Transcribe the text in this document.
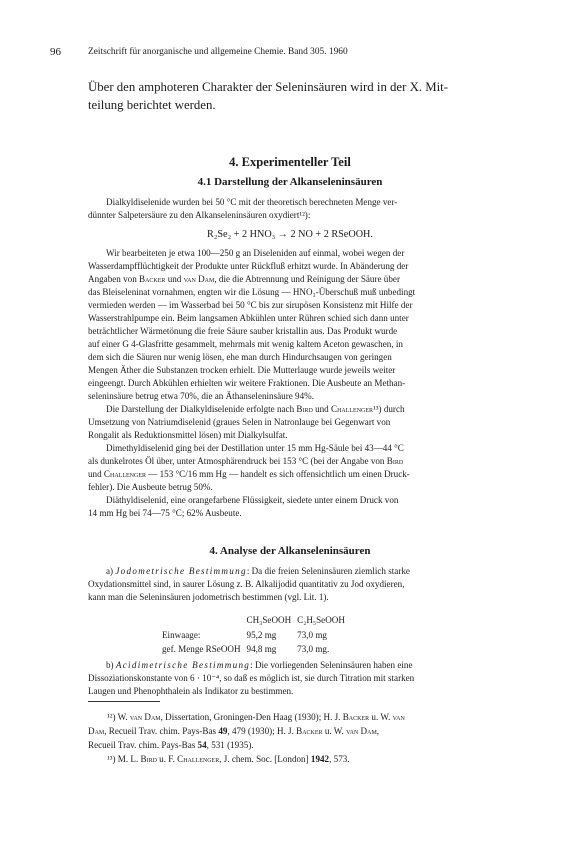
96	Zeitschrift für anorganische und allgemeine Chemie. Band 305. 1960
Über den amphoteren Charakter der Seleninsäuren wird in der X. Mit-
teilung berichtet werden.
4. Experimenteller Teil
4.1 Darstellung der Alkanseleninsäuren
Dialkyldiselenide wurden bei 50 °C mit der theoretisch berechneten Menge ver-
dünnter Salpetersäure zu den Alkanseleninsäuren oxydiert¹²):
R₂Se₂ + 2 HNO₃ → 2 NO + 2 RSeOOH.
Wir bearbeiteten je etwa 100—250 g an Diseleniden auf einmal, wobei wegen der
Wasserdampfflüchtigkeit der Produkte unter Rückfluß erhitzt wurde. In Abänderung der
Angaben von Backer und van Dam, die die Abtrennung und Reinigung der Säure über
das Bleiseleninat vornahmen, engten wir die Lösung — HNO₃-Überschuß muß unbedingt
vermieden werden — im Wasserbad bei 50 °C bis zur sirupösen Konsistenz mit Hilfe der
Wasserstrahlpumpe ein. Beim langsamen Abkühlen unter Rühren schied sich dann unter
beträchtlicher Wärmetönung die freie Säure sauber kristallin aus. Das Produkt wurde
auf einer G 4-Glasfritte gesammelt, mehrmals mit wenig kaltem Aceton gewaschen, in
dem sich die Säuren nur wenig lösen, ehe man durch Hindurchsaugen von geringen
Mengen Äther die Substanzen trocken erhielt. Die Mutterlauge wurde jeweils weiter
eingeengt. Durch Abkühlen erhielten wir weitere Fraktionen. Die Ausbeute an Methan-
seleninsäure betrug etwa 70%, die an Äthanseleninsäure 94%.
Die Darstellung der Dialkyldiselenide erfolgte nach Bird und Challenger¹³) durch
Umsetzung von Natriumdiselenid (graues Selen in Natronlauge bei Gegenwart von
Rongalit als Reduktionsmittel lösen) mit Dialkylsulfat.
Dimethyldiselenid ging bei der Destillation unter 15 mm Hg-Säule bei 43—44 °C
als dunkelrotes Öl über, unter Atmosphärendruck bei 153 °C (bei der Angabe von Bird
und Challenger — 153 °C/16 mm Hg — handelt es sich offensichtlich um einen Druck-
fehler). Die Ausbeute betrug 50%.
Diäthyldiselenid, eine orangefarbene Flüssigkeit, siedete unter einem Druck von
14 mm Hg bei 74—75 °C; 62% Ausbeute.
4. Analyse der Alkanseleninsäuren
a) Jodometrische Bestimmung: Da die freien Seleninsäuren ziemlich starke
Oxydationsmittel sind, in saurer Lösung z. B. Alkalijodid quantitativ zu Jod oxydieren,
kann man die Seleninsäuren jodometrisch bestimmen (vgl. Lit. 1).
	CH₃SeOOH	C₂H₅SeOOH
Einwaage:	95,2 mg	73,0 mg
gef. Menge RSeOOH	94,8 mg	73,0 mg.
b) Acidimetrische Bestimmung: Die vorliegenden Seleninsäuren haben eine
Dissoziationskonstante von 6 · 10⁻⁴, so daß es möglich ist, sie durch Titration mit starken
Laugen und Phenophthalein als Indikator zu bestimmen.
¹²) W. van Dam, Dissertation, Groningen-Den Haag (1930); H. J. Backer u. W. van
Dam, Recueil Trav. chim. Pays-Bas 49, 479 (1930); H. J. Backer u. W. van Dam,
Recueil Trav. chim. Pays-Bas 54, 531 (1935).
¹³) M. L. Bird u. F. Challenger, J. chem. Soc. [London] 1942, 573.
